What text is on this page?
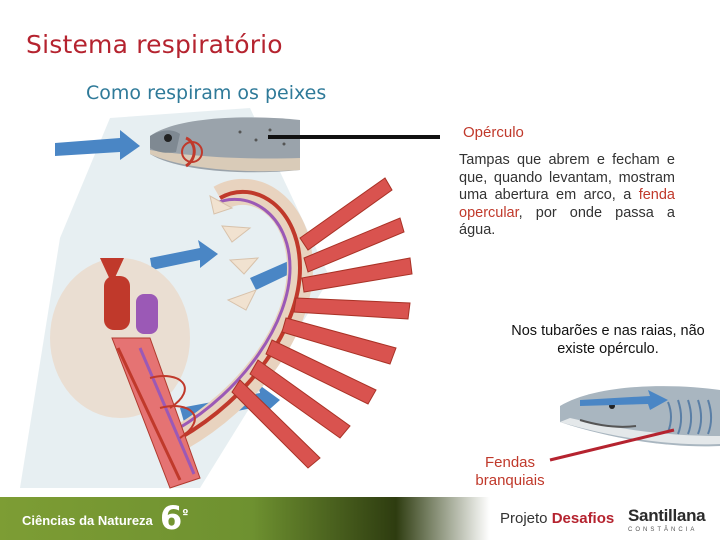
Sistema respiratório
Como respiram os peixes
Opérculo
Tampas que abrem e fecham e que, quando levantam, mostram uma abertura em arco, a fenda opercular, por onde passa a água.
Nos tubarões e nas raias, não existe opérculo.
Fendas branquiais
Ciências da Natureza $6^º$	Projeto Desafios Santillana
CONSTÂNCIA
